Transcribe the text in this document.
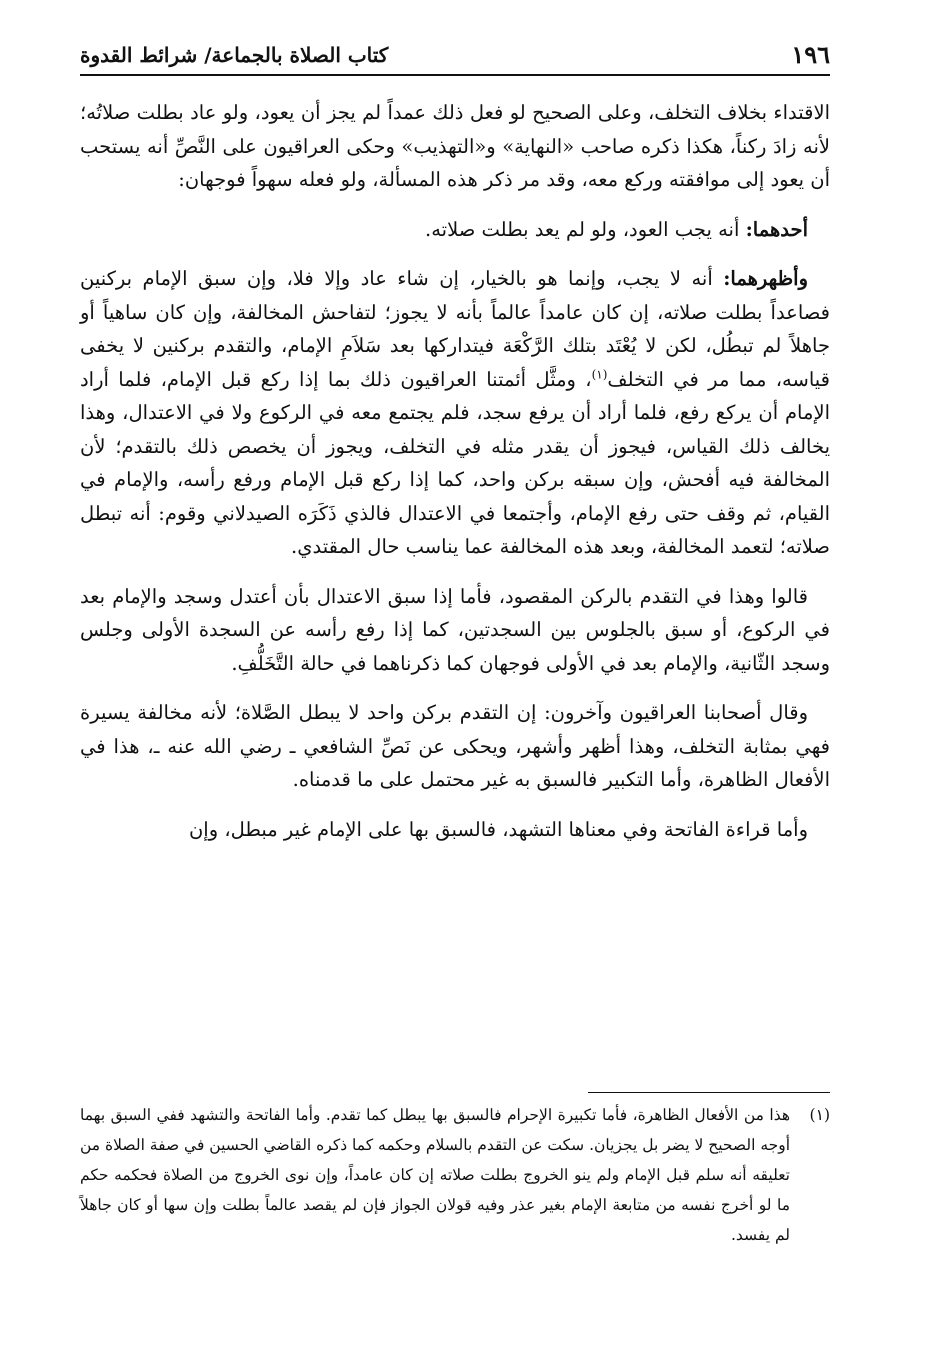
١٩٦
كتاب الصلاة بالجماعة/ شرائط القدوة

الاقتداء بخلاف التخلف، وعلى الصحيح لو فعل ذلك عمداً لم يجز أن يعود، ولو عاد بطلت صلاتُه؛ لأنه زادَ ركناً، هكذا ذكره صاحب «النهاية» و«التهذيب» وحكى العراقيون على النَّصِّ أنه يستحب أن يعود إلى موافقته وركع معه، وقد مر ذكر هذه المسألة، ولو فعله سهواً فوجهان:

أحدهما: أنه يجب العود، ولو لم يعد بطلت صلاته.

وأظهرهما: أنه لا يجب، وإنما هو بالخيار، إن شاء عاد وإلا فلا، وإن سبق الإمام بركنين فصاعداً بطلت صلاته، إن كان عامداً عالماً بأنه لا يجوز؛ لتفاحش المخالفة، وإن كان ساهياً أو جاهلاً لم تبطُل، لكن لا يُعْتَد بتلك الرَّكْعَة فيتداركها بعد سَلاَمِ الإمام، والتقدم بركنين لا يخفى قياسه، مما مر في التخلف$^{(١)}$، ومثَّل أئمتنا العراقيون ذلك بما إذا ركع قبل الإمام، فلما أراد الإمام أن يركع رفع، فلما أراد أن يرفع سجد، فلم يجتمع معه في الركوع ولا في الاعتدال، وهذا يخالف ذلك القياس، فيجوز أن يقدر مثله في التخلف، ويجوز أن يخصص ذلك بالتقدم؛ لأن المخالفة فيه أفحش، وإن سبقه بركن واحد، كما إذا ركع قبل الإمام ورفع رأسه، والإمام في القيام، ثم وقف حتى رفع الإمام، وأجتمعا في الاعتدال فالذي ذَكَرَه الصيدلاني وقوم: أنه تبطل صلاته؛ لتعمد المخالفة، وبعد هذه المخالفة عما يناسب حال المقتدي.

قالوا وهذا في التقدم بالركن المقصود، فأما إذا سبق الاعتدال بأن أعتدل وسجد والإمام بعد في الركوع، أو سبق بالجلوس بين السجدتين، كما إذا رفع رأسه عن السجدة الأولى وجلس وسجد الثّانية، والإمام بعد في الأولى فوجهان كما ذكرناهما في حالة التَّخَلُّفِ.

وقال أصحابنا العراقيون وآخرون: إن التقدم بركن واحد لا يبطل الصَّلاة؛ لأنه مخالفة يسيرة فهي بمثابة التخلف، وهذا أظهر وأشهر، ويحكى عن نَصِّ الشافعي ـ رضي الله عنه ـ، هذا في الأفعال الظاهرة، وأما التكبير فالسبق به غير محتمل على ما قدمناه.

وأما قراءة الفاتحة وفي معناها التشهد، فالسبق بها على الإمام غير مبطل، وإن

(١)
هذا من الأفعال الظاهرة، فأما تكبيرة الإحرام فالسبق بها يبطل كما تقدم. وأما الفاتحة والتشهد ففي السبق بهما أوجه الصحيح لا يضر بل يجزيان. سكت عن التقدم بالسلام وحكمه كما ذكره القاضي الحسين في صفة الصلاة من تعليقه أنه سلم قبل الإمام ولم ينو الخروج بطلت صلاته إن كان عامداً، وإن نوى الخروج من الصلاة فحكمه حكم ما لو أخرج نفسه من متابعة الإمام بغير عذر وفيه قولان الجواز فإن لم يقصد عالماً بطلت وإن سها أو كان جاهلاً لم يفسد.
